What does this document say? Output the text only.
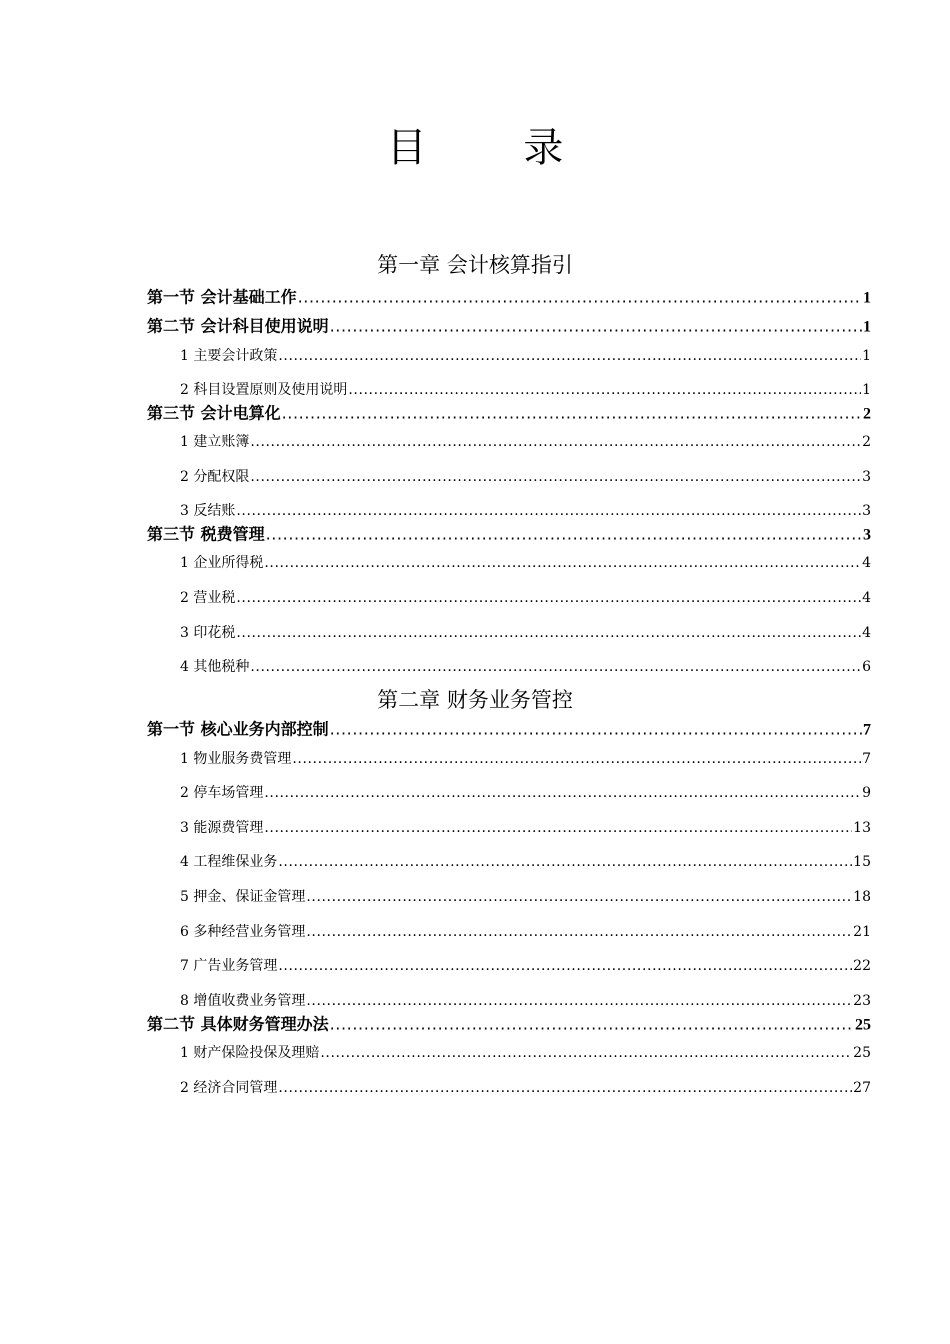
目 录
第一章 会计核算指引
第一节 会计基础工作 .....	1
第二节 会计科目使用说明 .....	1
1 主要会计政策 .....	1
2 科目设置原则及使用说明 .....	1
第三节 会计电算化 .....	2
1 建立账簿 .....	2
2 分配权限 .....	3
3 反结账 .....	3
第三节 税费管理 .....	3
1 企业所得税 .....	4
2 营业税 .....	4
3 印花税 .....	4
4 其他税种 .....	6
第二章 财务业务管控
第一节 核心业务内部控制 .....	7
1 物业服务费管理 .....	7
2 停车场管理 .....	9
3 能源费管理 .....	13
4 工程维保业务 .....	15
5 押金、保证金管理 .....	18
6 多种经营业务管理 .....	21
7 广告业务管理 .....	22
8 增值收费业务管理 .....	23
第二节 具体财务管理办法 .....	25
1 财产保险投保及理赔 .....	25
2 经济合同管理 .....	27
